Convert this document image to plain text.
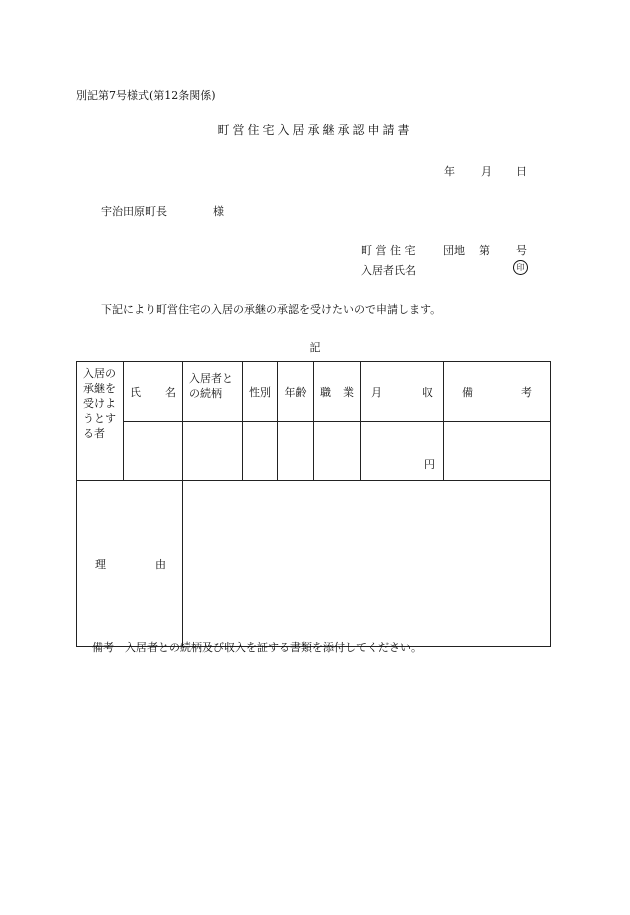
別記第7号様式(第12条関係)
町営住宅入居承継承認申請書
年 月 日
宇治田原町長	様
町 営 住 宅	団地 第 号
入居者氏名	印
下記により町営住宅の入居の承継の承認を受けたいので申請します。
記
入居の承継を受けようとする者	氏 名	入居者との続柄	性別	年齢	職 業	月 収	備 考

						円	

理 由							

備考　入居者との続柄及び収入を証する書類を添付してください。
